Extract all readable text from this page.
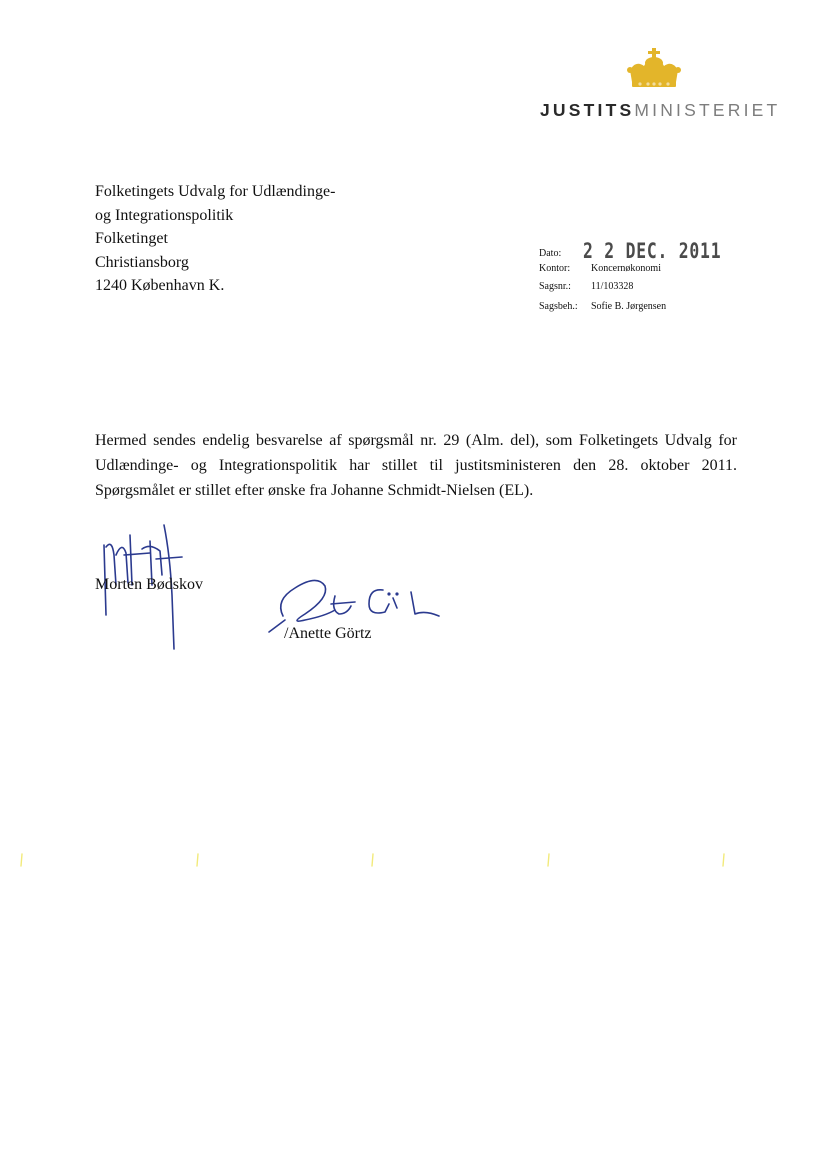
JUSTITSMINISTERIET
Folketingets Udvalg for Udlændinge-
og Integrationspolitik
Folketinget
Christiansborg
1240 København K.
Dato: 2 2 DEC. 2011
Kontor: Koncernøkonomi
Sagsnr.: 11/103328
Sagsbeh.: Sofie B. Jørgensen
Hermed sendes endelig besvarelse af spørgsmål nr. 29 (Alm. del), som Folketingets Udvalg for Udlændinge- og Integrationspolitik har stillet til justitsministeren den 28. oktober 2011. Spørgsmålet er stillet efter ønske fra Johanne Schmidt-Nielsen (EL).
Morten Bødskov
/Anette Görtz
